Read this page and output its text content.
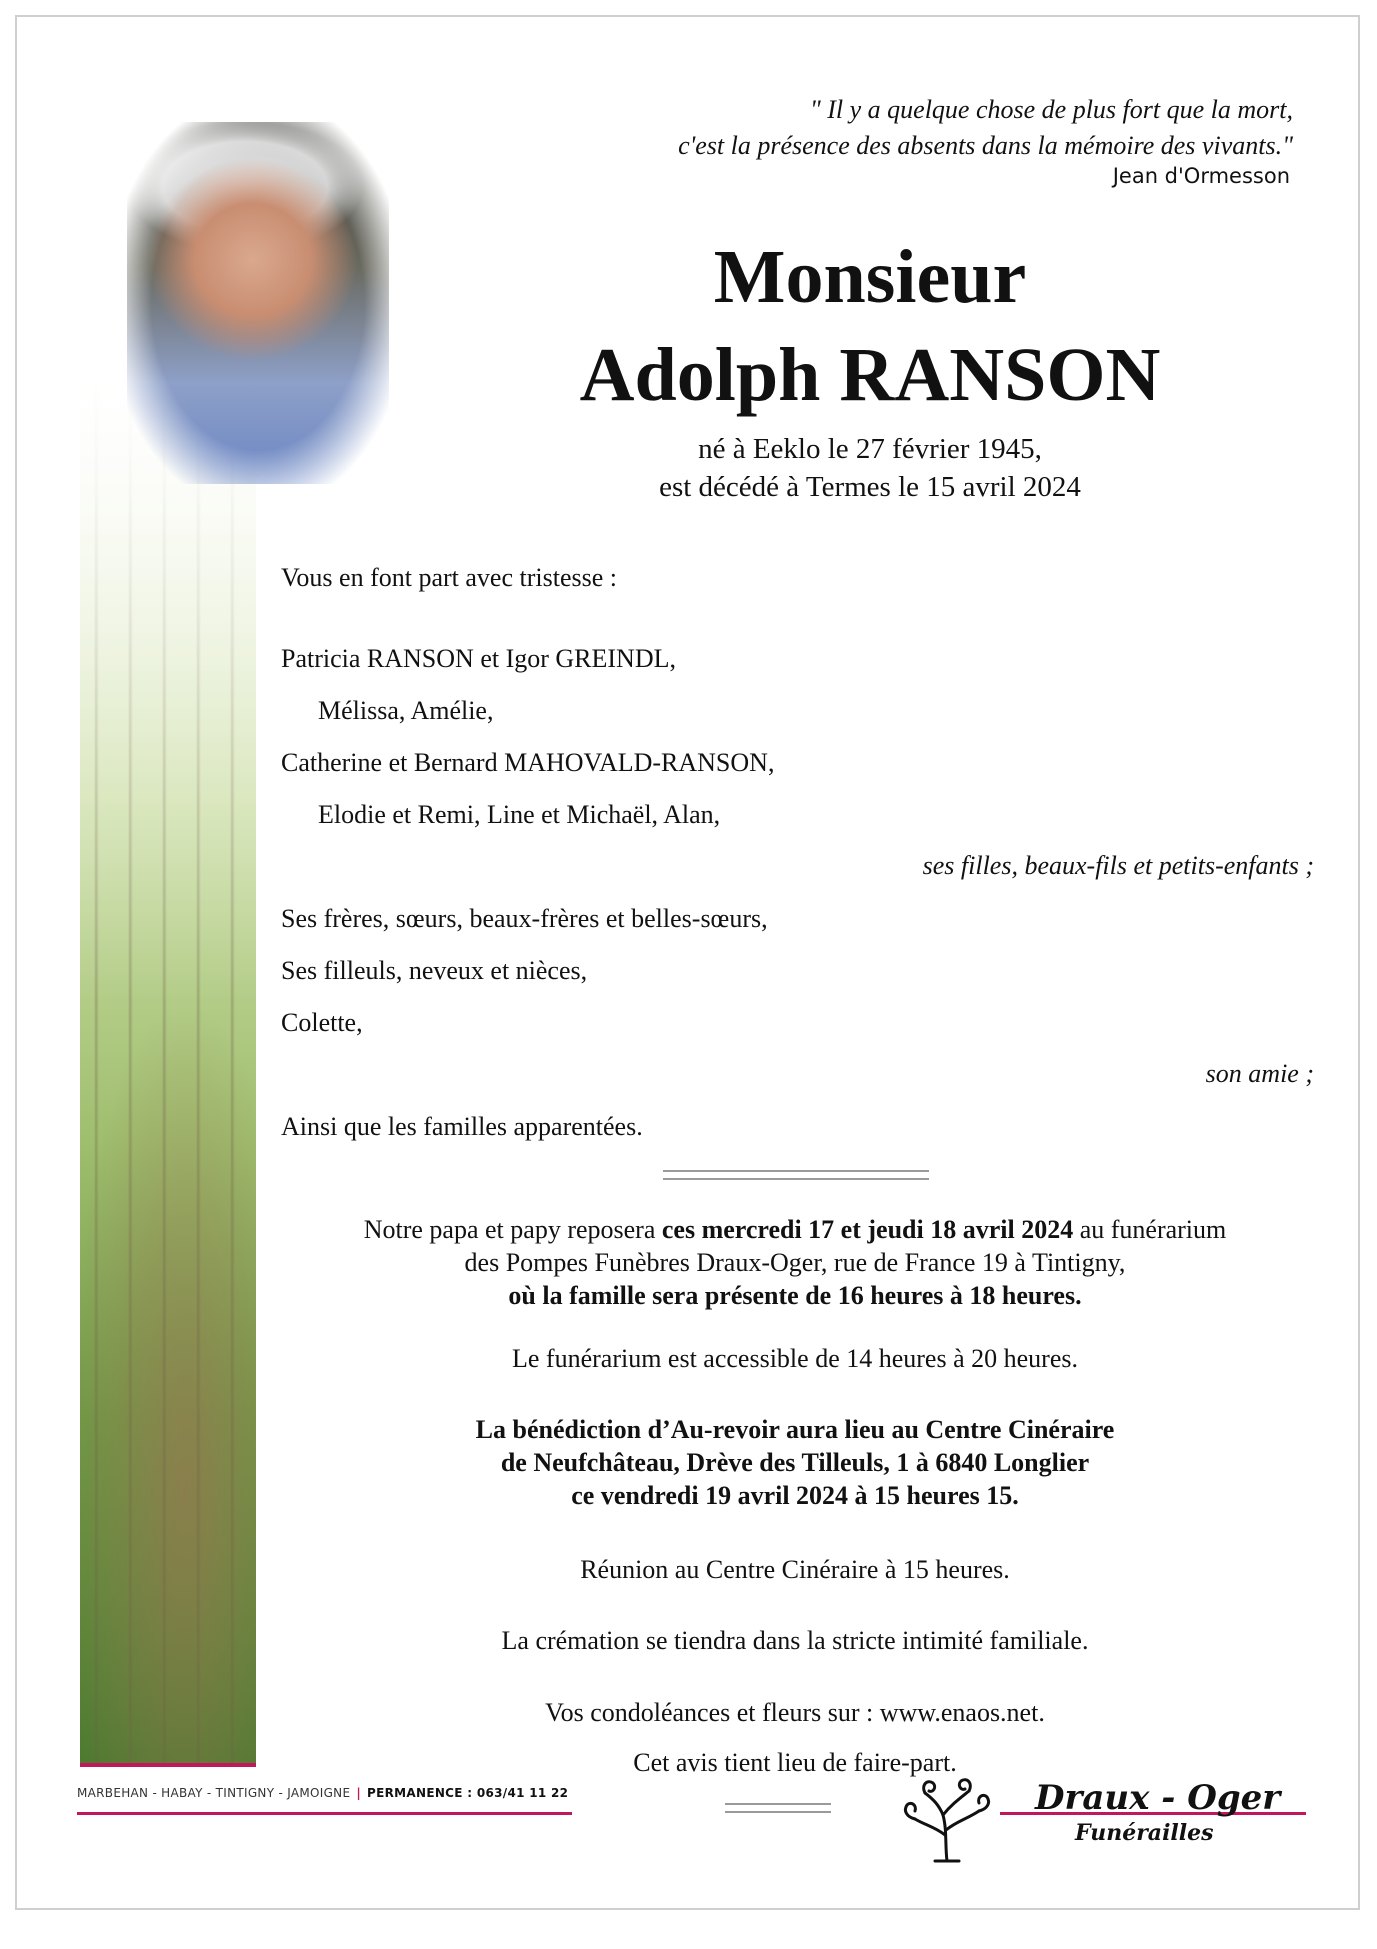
" Il y a quelque chose de plus fort que la mort,
c'est la présence des absents dans la mémoire des vivants."
Jean d'Ormesson
Monsieur
Adolph RANSON
né à Eeklo le 27 février 1945,
est décédé à Termes le 15 avril 2024
Vous en font part avec tristesse :
Patricia RANSON et Igor GREINDL,
Mélissa, Amélie,
Catherine et Bernard MAHOVALD-RANSON,
Elodie et Remi, Line et Michaël, Alan,
ses filles, beaux-fils et petits-enfants ;
Ses frères, sœurs, beaux-frères et belles-sœurs,
Ses filleuls, neveux et nièces,
Colette,
son amie ;
Ainsi que les familles apparentées.
Notre papa et papy reposera ces mercredi 17 et jeudi 18 avril 2024 au funérarium
des Pompes Funèbres Draux-Oger, rue de France 19 à Tintigny,
où la famille sera présente de 16 heures à 18 heures.
Le funérarium est accessible de 14 heures à 20 heures.
La bénédiction d’Au-revoir aura lieu au Centre Cinéraire
de Neufchâteau, Drève des Tilleuls, 1 à 6840 Longlier
ce vendredi 19 avril 2024 à 15 heures 15.
Réunion au Centre Cinéraire à 15 heures.
La crémation se tiendra dans la stricte intimité familiale.
Vos condoléances et fleurs sur : www.enaos.net.
Cet avis tient lieu de faire-part.
MARBEHAN - HABAY - TINTIGNY - JAMOIGNE | PERMANENCE : 063/41 11 22	Draux - Oger
Funérailles
